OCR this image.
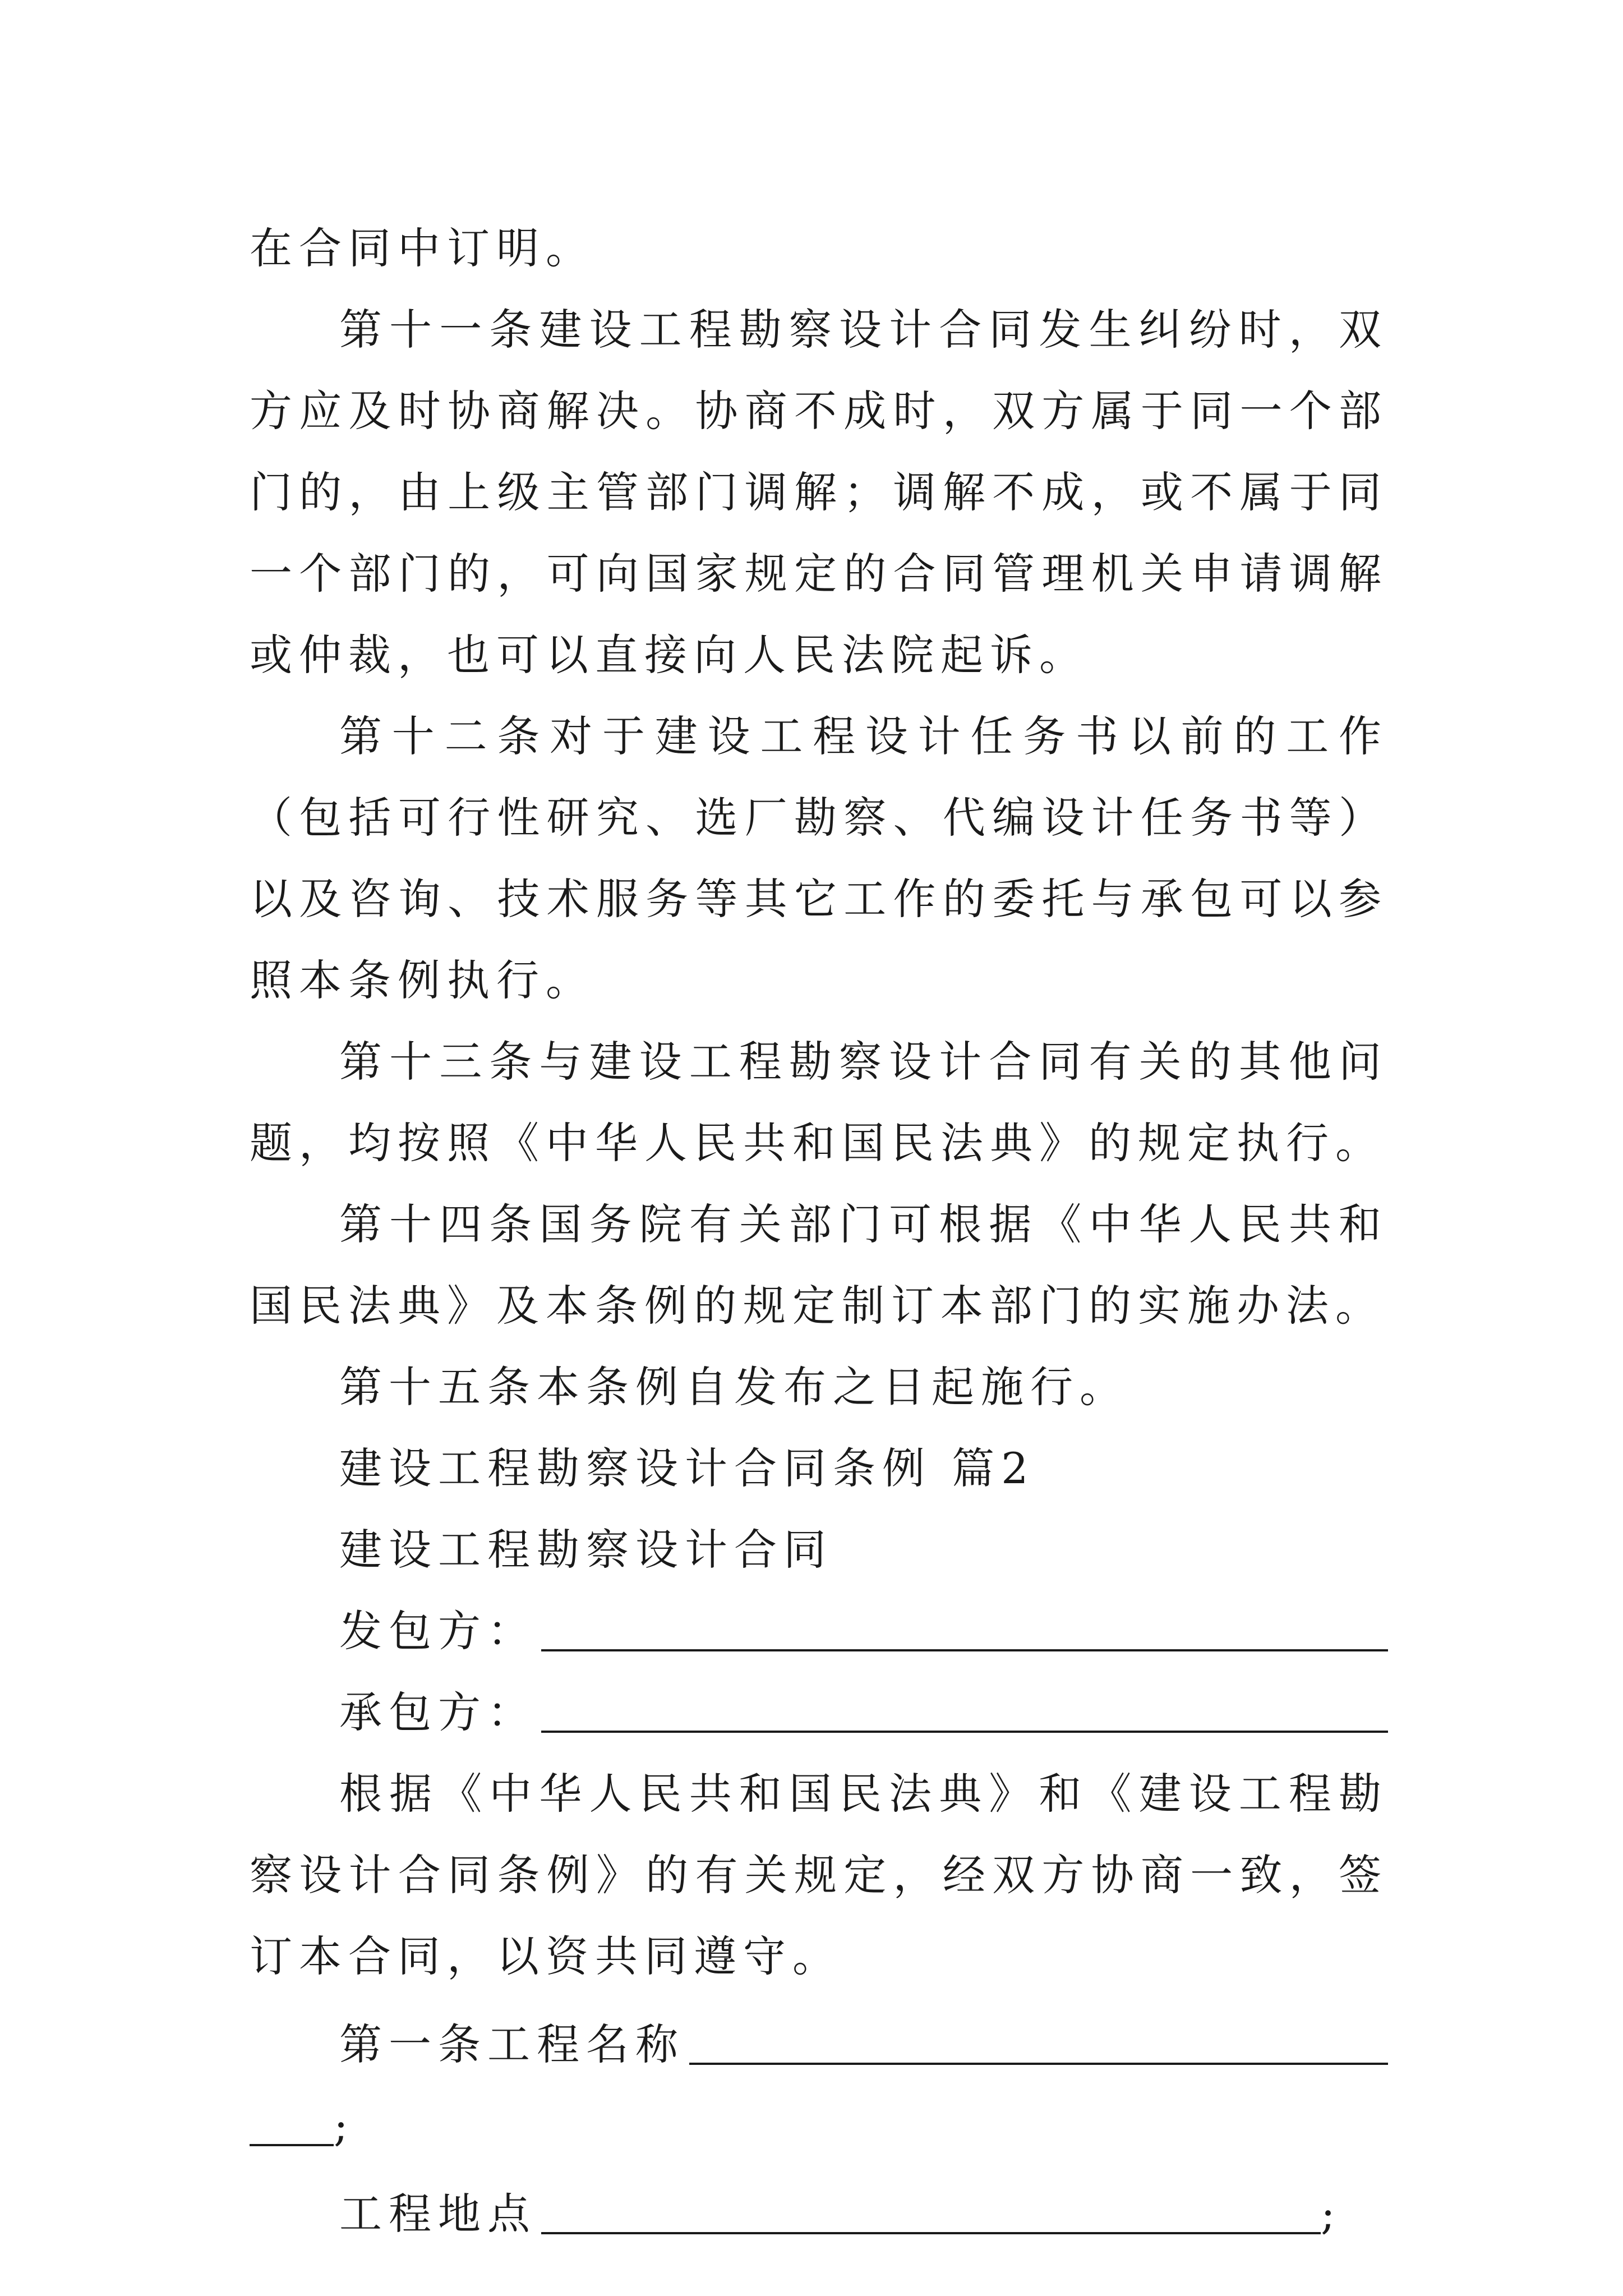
在合同中订明。

第十一条建设工程勘察设计合同发生纠纷时，双方应及时协商解决。协商不成时，双方属于同一个部门的，由上级主管部门调解；调解不成，或不属于同一个部门的，可向国家规定的合同管理机关申请调解或仲裁，也可以直接向人民法院起诉。

第十二条对于建设工程设计任务书以前的工作（包括可行性研究、选厂勘察、代编设计任务书等）以及咨询、技术服务等其它工作的委托与承包可以参照本条例执行。

第十三条与建设工程勘察设计合同有关的其他问题，均按照《中华人民共和国民法典》的规定执行。

第十四条国务院有关部门可根据《中华人民共和国民法典》及本条例的规定制订本部门的实施办法。

第十五条本条例自发布之日起施行。

建设工程勘察设计合同条例 篇2

建设工程勘察设计合同

发包方：
承包方：

根据《中华人民共和国民法典》和《建设工程勘察设计合同条例》的有关规定，经双方协商一致，签订本合同，以资共同遵守。

第一条工程名称
;
工程地点	;
